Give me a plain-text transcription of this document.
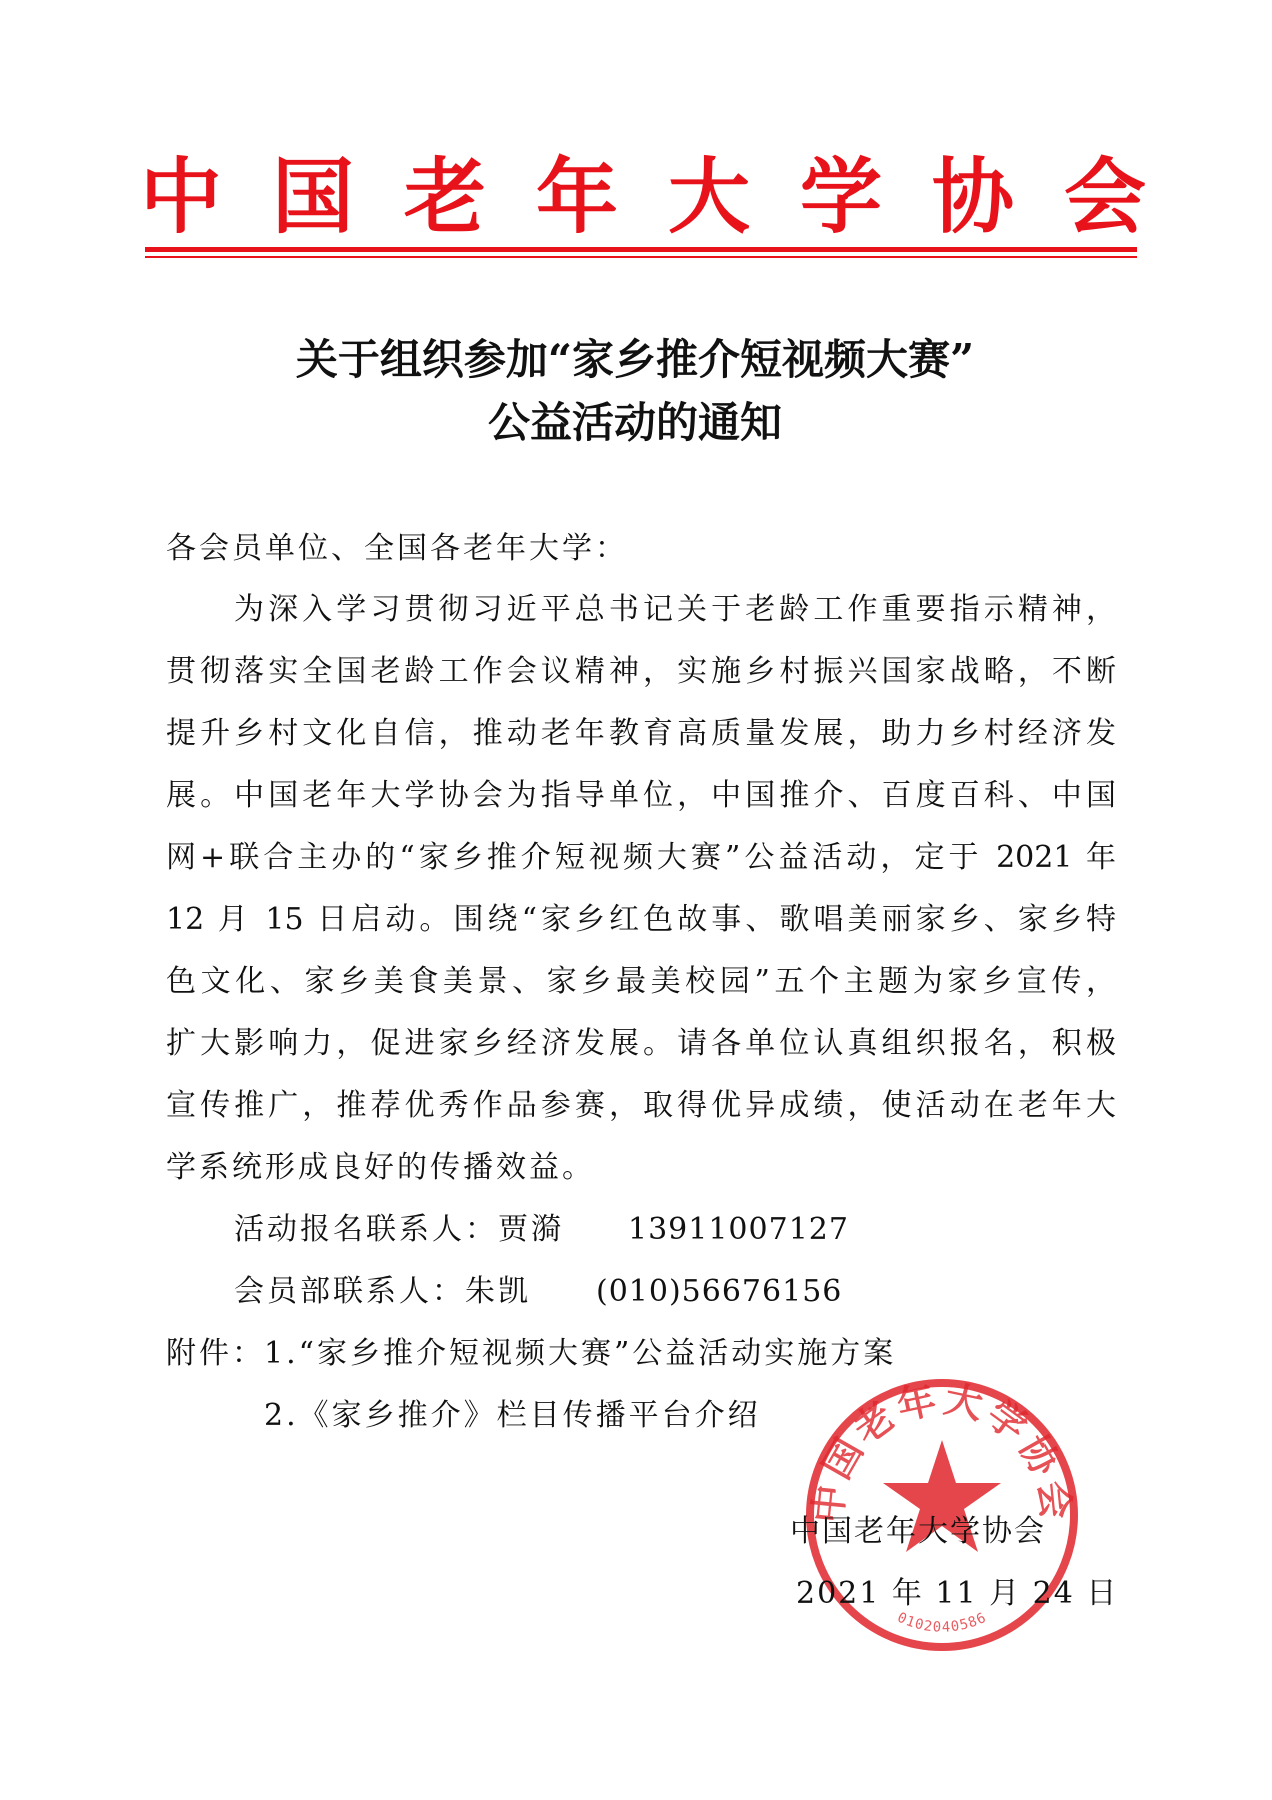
中国老年大学协会
关于组织参加“家乡推介短视频大赛”
公益活动的通知
各会员单位、全国各老年大学：
为深入学习贯彻习近平总书记关于老龄工作重要指示精神，
贯彻落实全国老龄工作会议精神，实施乡村振兴国家战略，不断
提升乡村文化自信，推动老年教育高质量发展，助力乡村经济发
展。中国老年大学协会为指导单位，中国推介、百度百科、中国
网+联合主办的“家乡推介短视频大赛”公益活动，定于 2021 年
12 月 15 日启动。围绕“家乡红色故事、歌唱美丽家乡、家乡特
色文化、家乡美食美景、家乡最美校园”五个主题为家乡宣传，
扩大影响力，促进家乡经济发展。请各单位认真组织报名，积极
宣传推广，推荐优秀作品参赛，取得优异成绩，使活动在老年大
学系统形成良好的传播效益。
活动报名联系人：贾漪 13911007127
会员部联系人：朱凯 (010)56676156
附件： 1.“家乡推介短视频大赛”公益活动实施方案
2.《家乡推介》栏目传播平台介绍
中国老年大学协会
0102040586
中国老年大学协会
2021 年 11 月 24 日
